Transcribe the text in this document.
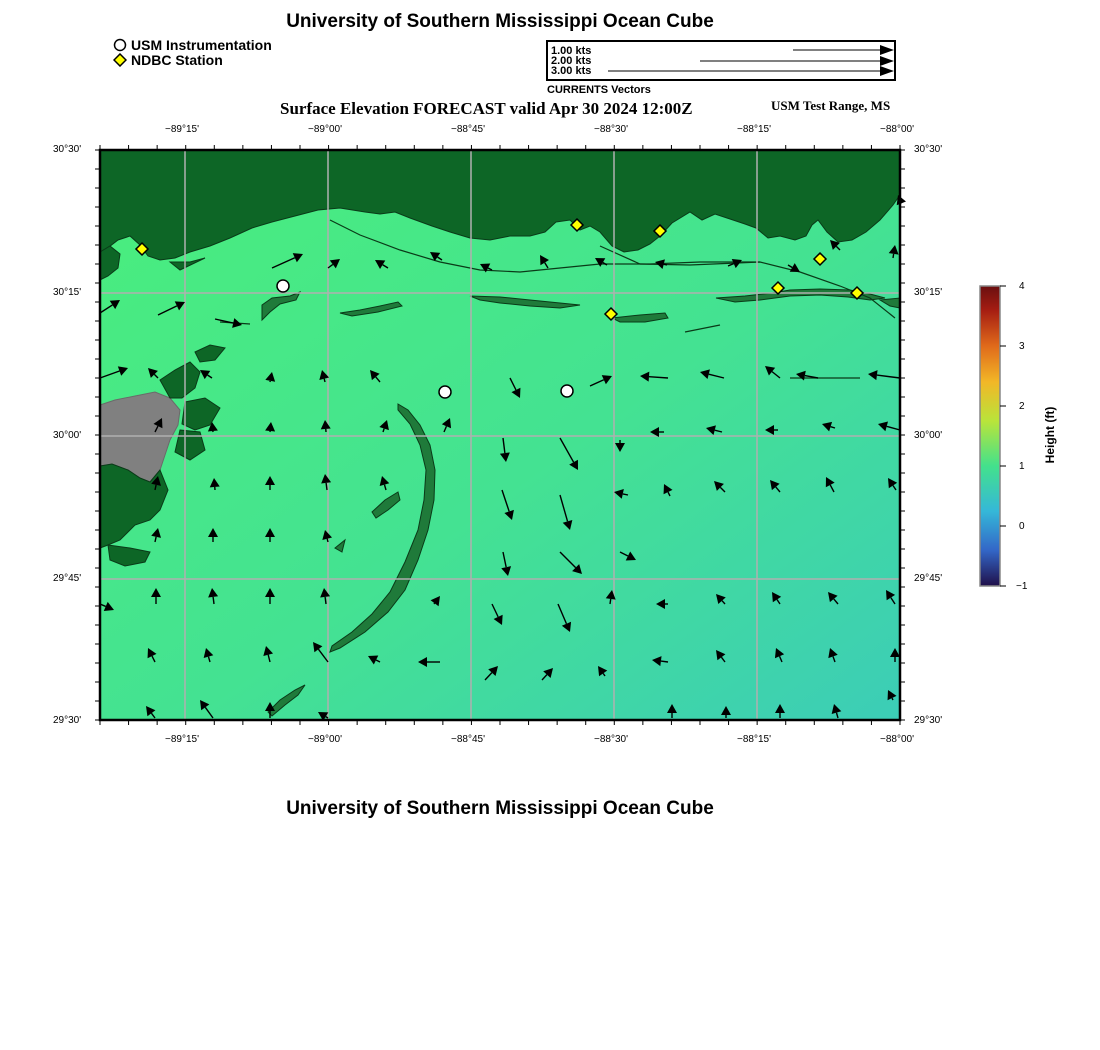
University of Southern Mississippi Ocean Cube
University of Southern Mississippi Ocean Cube
USM Instrumentation
NDBC Station
1.00 kts
2.00 kts
3.00 kts
CURRENTS Vectors
Surface Elevation FORECAST valid Apr 30 2024 12:00Z	USM Test Range, MS
−89°15'	−89°00'	−88°45'	−88°30'	−88°15'	−88°00'
−89°15'	−89°00'	−88°45'	−88°30'	−88°15'	−88°00'
30°30'
30°15'
30°00'
29°45'
29°30'
30°30'
30°15'
30°00'
29°45'
29°30'
4
3
2
1
0
−1
Height (ft)
